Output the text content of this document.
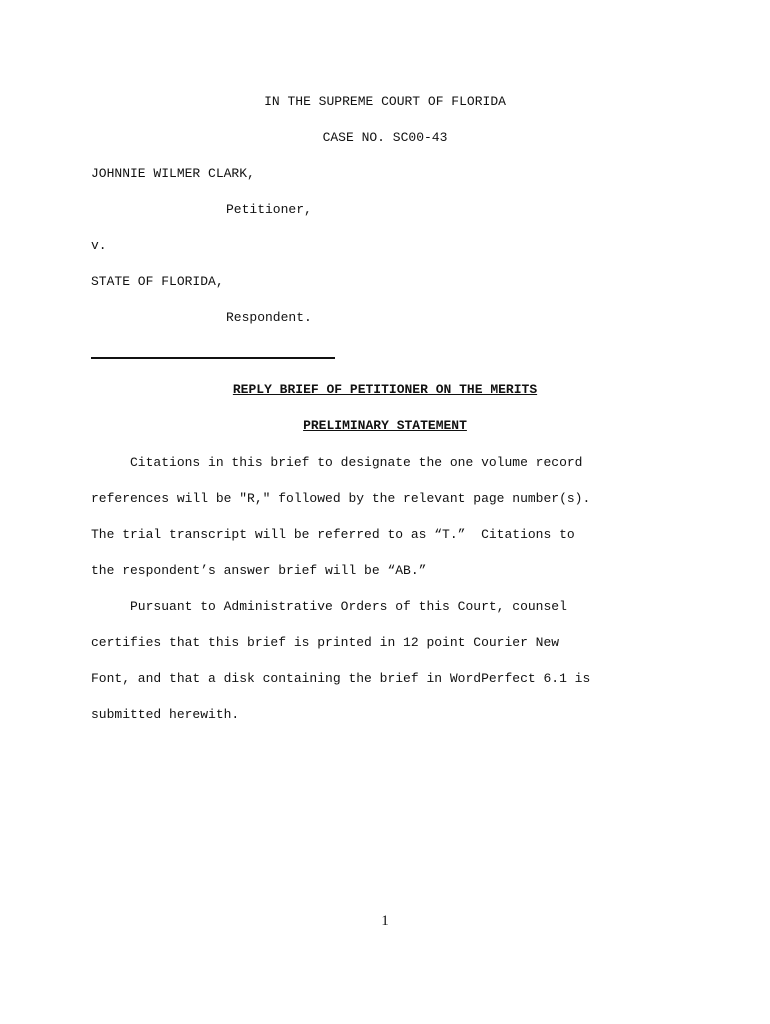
IN THE SUPREME COURT OF FLORIDA
CASE NO. SC00-43
JOHNNIE WILMER CLARK,
Petitioner,
v.
STATE OF FLORIDA,
Respondent.
REPLY BRIEF OF PETITIONER ON THE MERITS
PRELIMINARY STATEMENT
Citations in this brief to designate the one volume record
references will be "R," followed by the relevant page number(s).
The trial transcript will be referred to as “T.”  Citations to
the respondent’s answer brief will be “AB.”
Pursuant to Administrative Orders of this Court, counsel
certifies that this brief is printed in 12 point Courier New
Font, and that a disk containing the brief in WordPerfect 6.1 is
submitted herewith.
1
